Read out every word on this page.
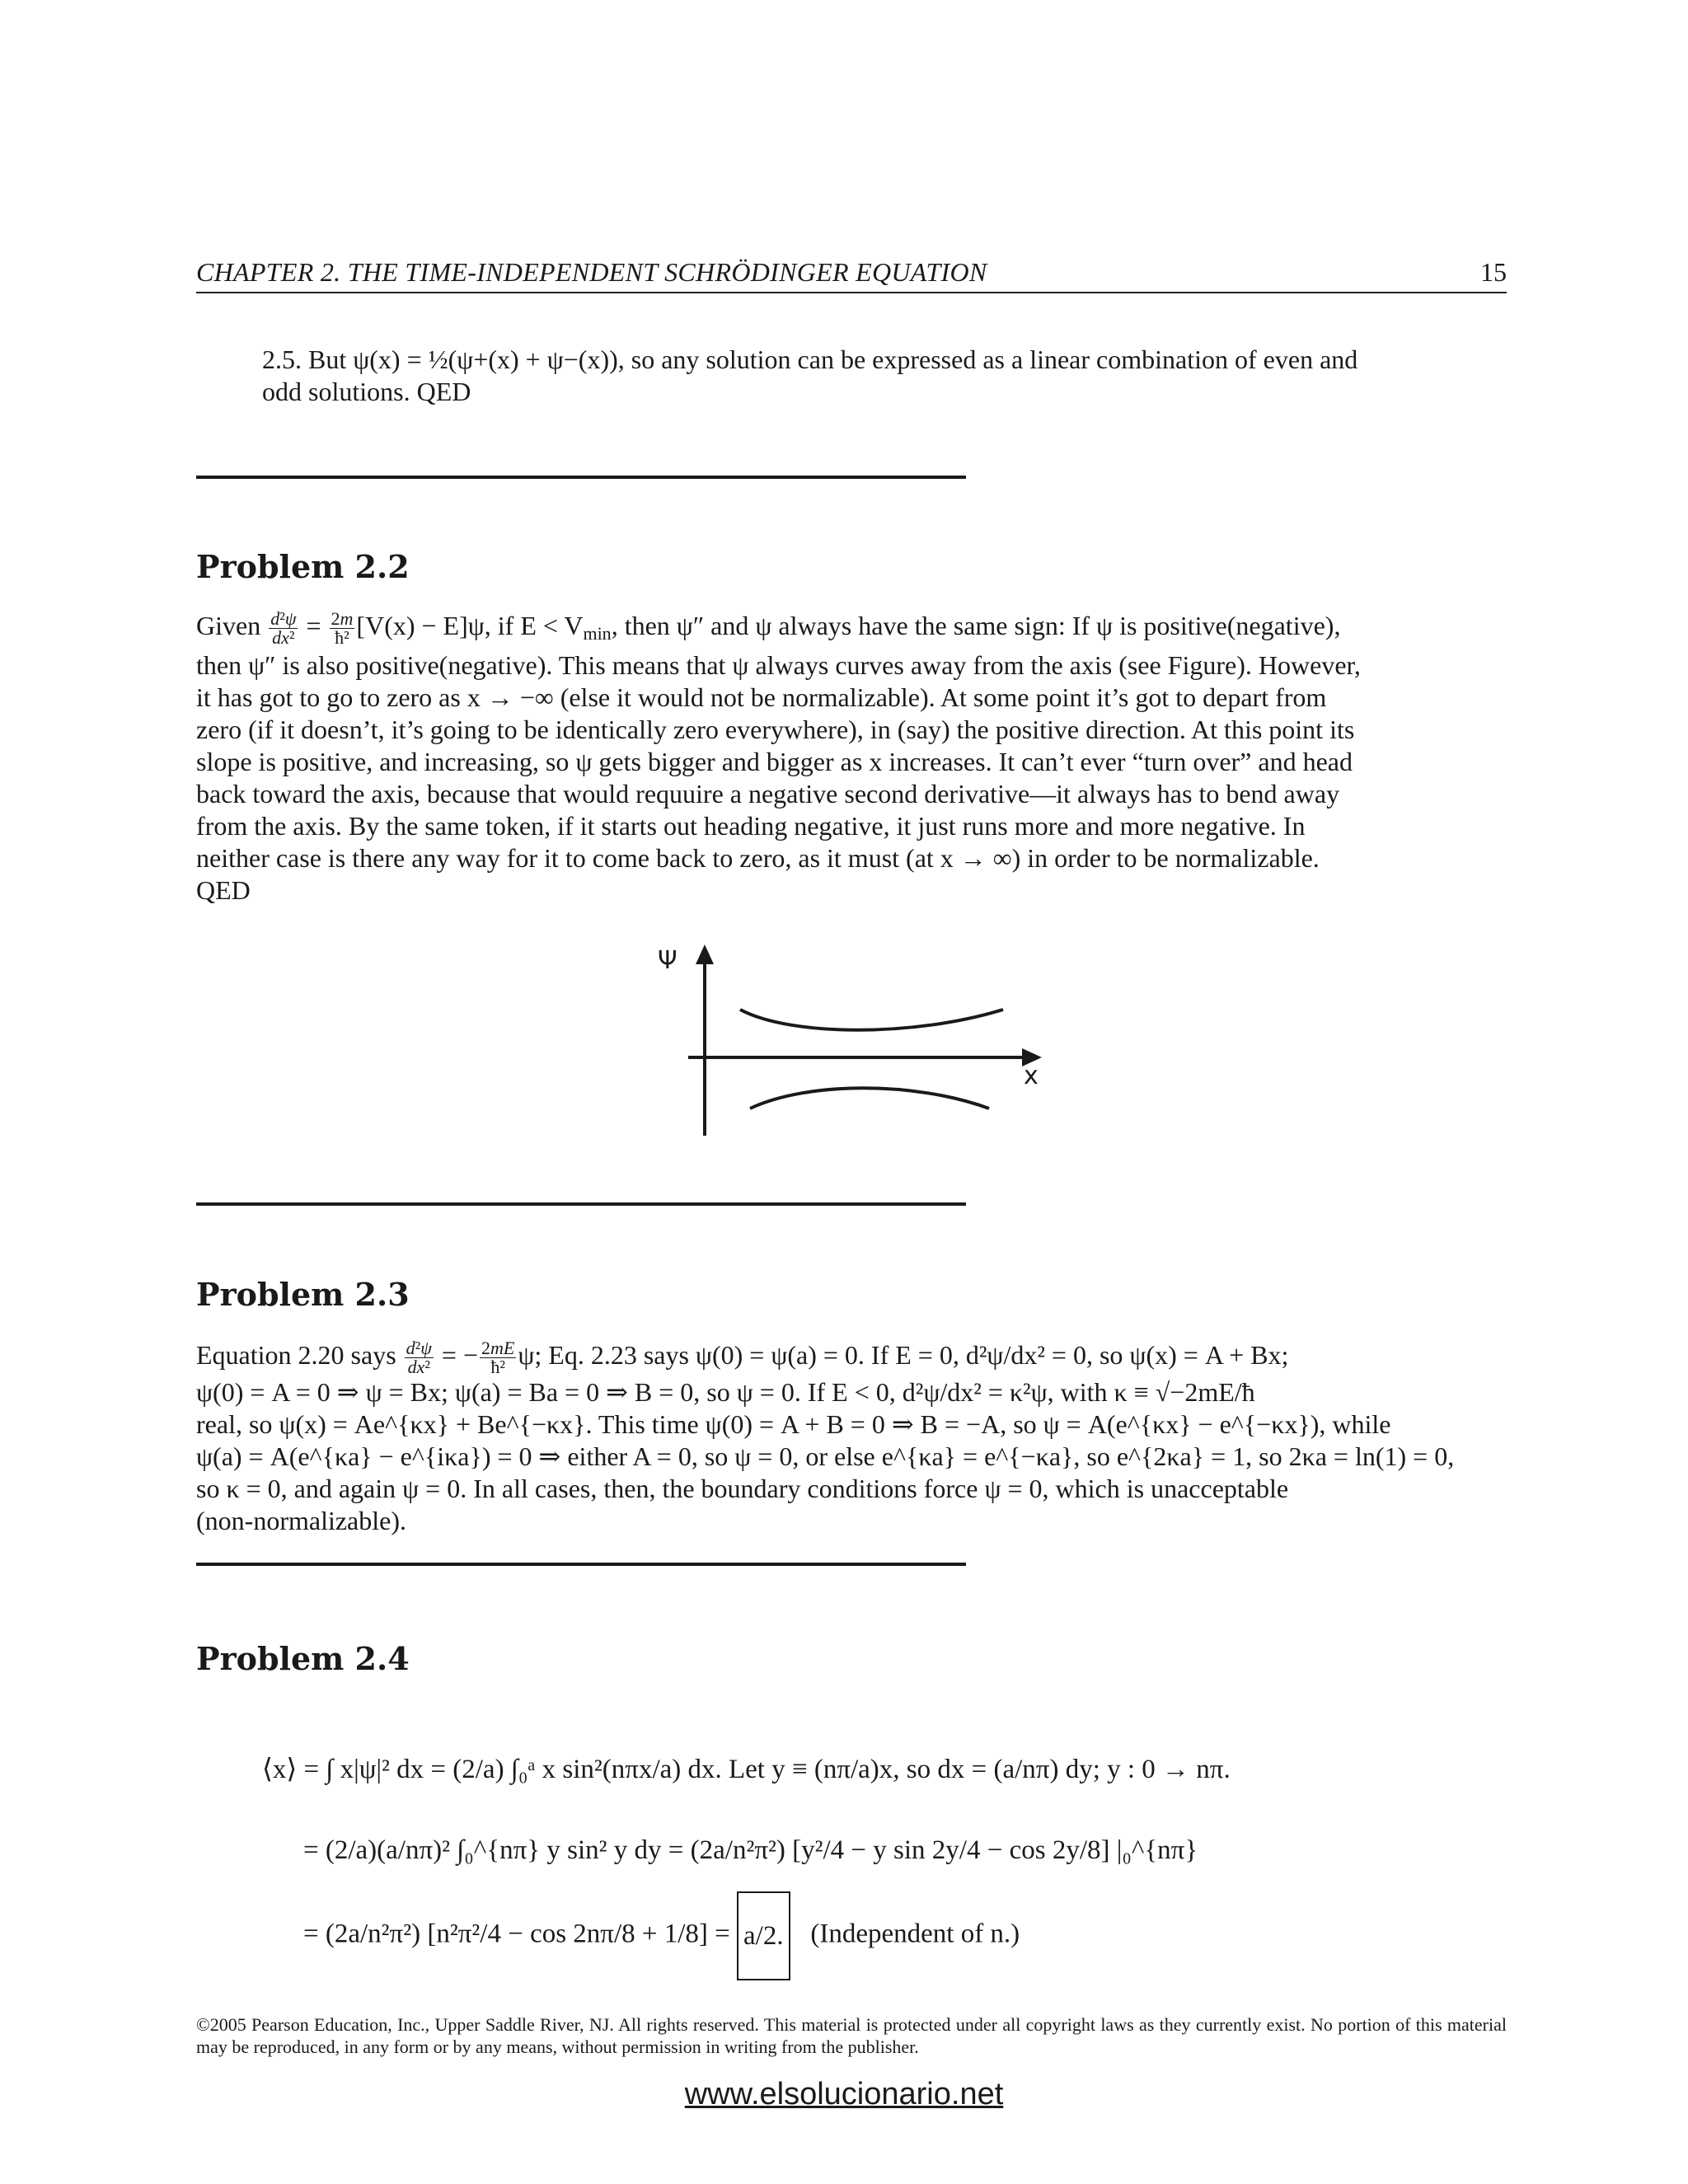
CHAPTER 2. THE TIME-INDEPENDENT SCHRÖDINGER EQUATION	15

2.5. But ψ(x) = ½(ψ+(x) + ψ−(x)), so any solution can be expressed as a linear combination of even and

odd solutions. QED

Problem 2.2

Given $\frac{\text{d²ψ}}{\text{dx²}} = \frac{2m}{\text{ħ²}} [V(x) - E]\psi$, if $E < V_{min}$, then ψ″ and ψ always have the same sign: If ψ is positive(negative),

then ψ″ is also positive(negative). This means that ψ always curves away from the axis (see Figure). However,

it has got to go to zero as x → −∞ (else it would not be normalizable). At some point it’s got to depart from

zero (if it doesn’t, it’s going to be identically zero everywhere), in (say) the positive direction. At this point its

slope is positive, and increasing, so ψ gets bigger and bigger as x increases. It can’t ever “turn over” and head

back toward the axis, because that would requuire a negative second derivative—it always has to bend away

from the axis. By the same token, if it starts out heading negative, it just runs more and more negative. In

neither case is there any way for it to come back to zero, as it must (at x → ∞) in order to be normalizable.

QED

Ψ
x
Problem 2.3

Equation 2.20 says $\frac{\text{d²ψ}}{\text{dx²}}$ = − $\frac{2mE}{\text{ħ²}} \psi$; Eq. 2.23 says ψ(0) = ψ(a) = 0. If E = 0, d²ψ/dx² = 0, so ψ(x) = A + Bx;

ψ(0) = A = 0 ⇒ ψ = Bx; ψ(a) = Ba = 0 ⇒ B = 0, so ψ = 0. If E < 0, d²ψ/dx² = κ²ψ, with κ ≡ √−2mE/ħ

real, so ψ(x) = Ae^{κx} + Be^{−κx}. This time ψ(0) = A + B = 0 ⇒ B = −A, so ψ = A(e^{κx} − e^{−κx}), while

ψ(a) = A(e^{κa} − e^{iκa}) = 0 ⇒ either A = 0, so ψ = 0, or else e^{κa} = e^{−κa}, so e^{2κa} = 1, so 2κa = ln(1) = 0,

so κ = 0, and again ψ = 0. In all cases, then, the boundary conditions force ψ = 0, which is unacceptable

(non-normalizable).

Problem 2.4
⟨x⟩ = ∫ x|ψ|² dx = (2/a) ∫₀ᵃ x sin²(nπx/a) dx. Let y ≡ (nπ/a)x, so dx = (a/nπ) dy; y : 0 → nπ.
= (2/a)(a/nπ)² ∫₀^{nπ} y sin² y dy = (2a/n²π²) [y²/4 − y sin 2y/4 − cos 2y/8] |₀^{nπ}
= (2a/n²π²) [n²π²/4 − cos 2nπ/8 + 1/8] = a/2. (Independent of n.)

©2005 Pearson Education, Inc., Upper Saddle River, NJ. All rights reserved. This material is protected under all copyright laws as they currently exist. No portion of this material may be reproduced, in any form or by any means, without permission in writing from the publisher.

www.elsolucionario.net
